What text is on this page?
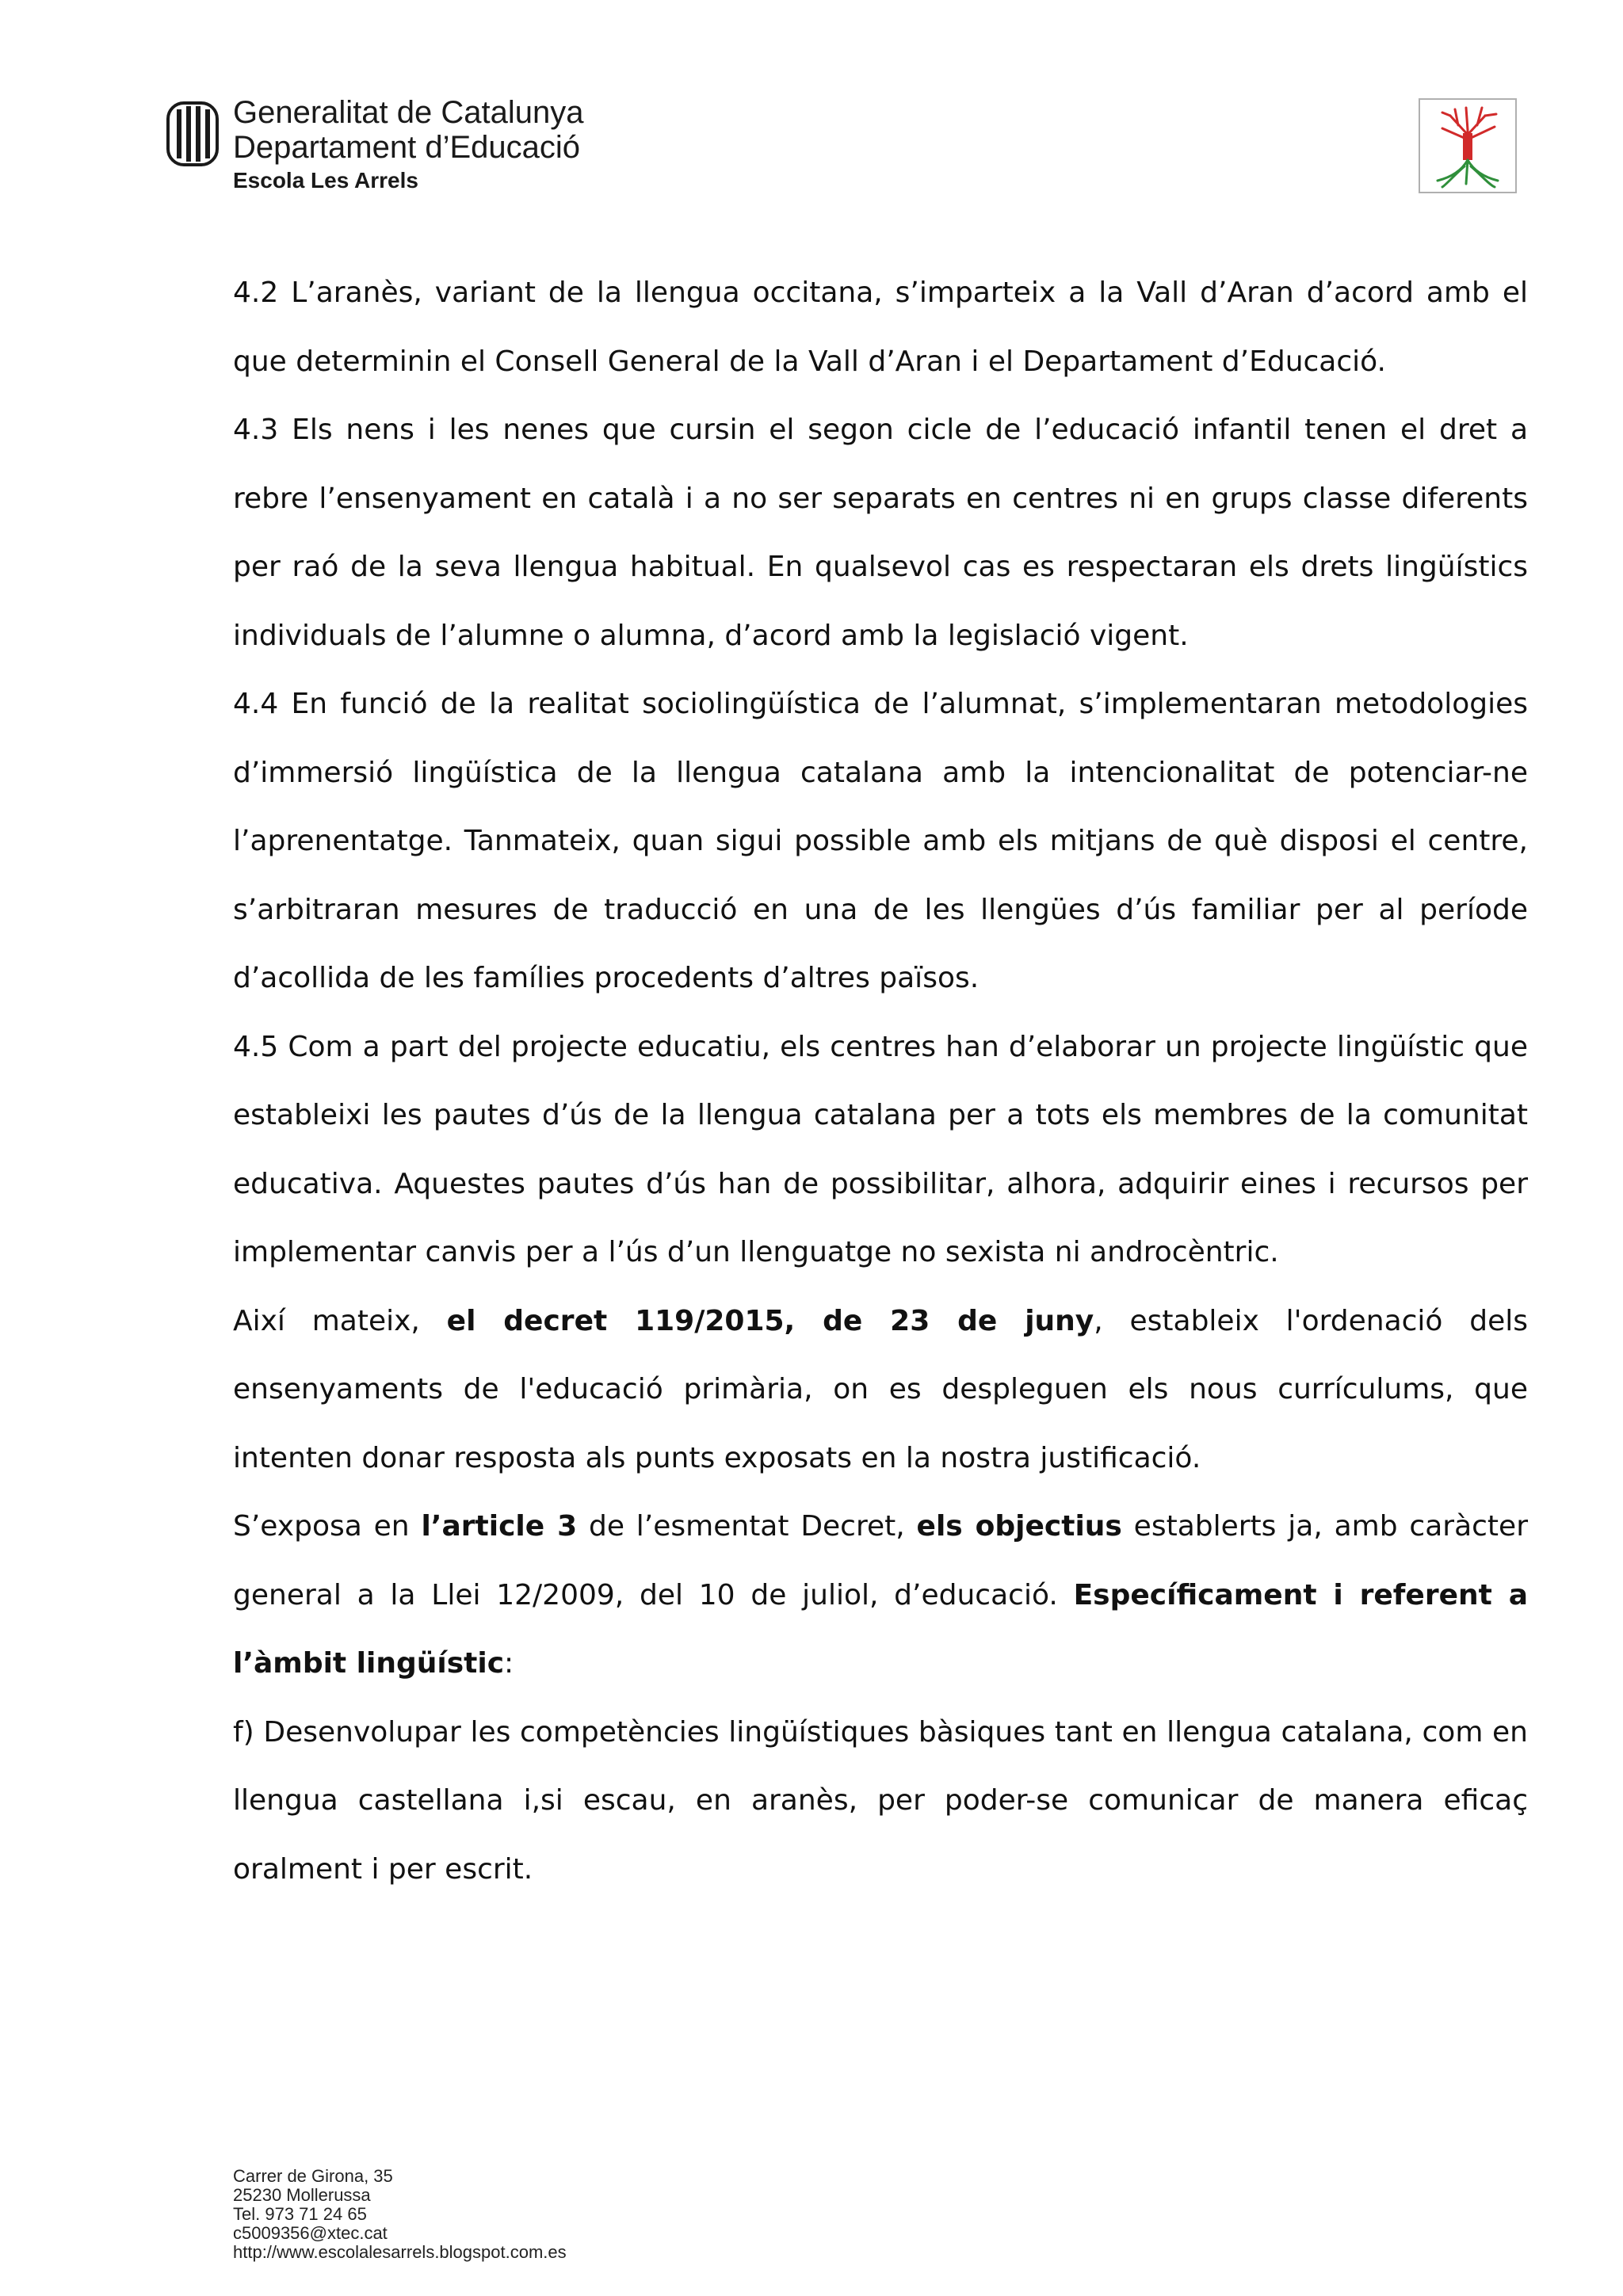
Generalitat de Catalunya
Departament d’Educació
Escola Les Arrels

4.2 L’aranès, variant de la llengua occitana, s’imparteix a la Vall d’Aran d’acord amb el que determinin el Consell General de la Vall d’Aran i el Departament d’Educació.

4.3 Els nens i les nenes que cursin el segon cicle de l’educació infantil tenen el dret a rebre l’ensenyament en català i a no ser separats en centres ni en grups classe diferents per raó de la seva llengua habitual. En qualsevol cas es respectaran els drets lingüístics individuals de l’alumne o alumna, d’acord amb la legislació vigent.

4.4 En funció de la realitat sociolingüística de l’alumnat, s’implementaran metodologies d’immersió lingüística de la llengua catalana amb la intencionalitat de potenciar-ne l’aprenentatge. Tanmateix, quan sigui possible amb els mitjans de què disposi el centre, s’arbitraran mesures de traducció en una de les llengües d’ús familiar per al període d’acollida de les famílies procedents d’altres països.

4.5 Com a part del projecte educatiu, els centres han d’elaborar un projecte lingüístic que estableixi les pautes d’ús de la llengua catalana per a tots els membres de la comunitat educativa. Aquestes pautes d’ús han de possibilitar, alhora, adquirir eines i recursos per implementar canvis per a l’ús d’un llenguatge no sexista ni androcèntric.

Així mateix, el decret 119/2015, de 23 de juny, estableix l'ordenació dels ensenyaments de l'educació primària, on es despleguen els nous currículums, que intenten donar resposta als punts exposats en la nostra justificació.

S’exposa en l’article 3 de l’esmentat Decret, els objectius establerts ja, amb caràcter general a la Llei 12/2009, del 10 de juliol, d’educació. Específicament i referent a l’àmbit lingüístic:

f) Desenvolupar les competències lingüístiques bàsiques tant en llengua catalana, com en llengua castellana i,si escau, en aranès, per poder-se comunicar de manera eficaç oralment i per escrit.

Carrer de Girona, 35
25230 Mollerussa
Tel. 973 71 24 65
c5009356@xtec.cat
http://www.escolalesarrels.blogspot.com.es
